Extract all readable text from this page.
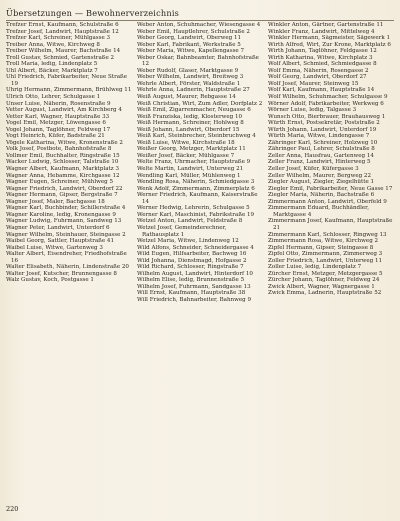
Übersetzungen — Bewohnerverzeichnis

Trefzer Ernst, Kaufmann, Schulstraße 6

Trefzer Josef, Landwirt, Hauptstraße 12

Trefzer Karl, Schreiner, Mühlgasse 3

Treiber Anna, Witwe, Kirchweg 8

Treiber Wilhelm, Maurer, Bachstraße 14

Troll Gustav, Schmied, Gartenstraße 2

Troll Maria, ledig, Lindenplatz 5

Uhl Albert, Bäcker, Marktplatz 7

Uhl Friedrich, Fabrikarbeiter, Neue Straße 19

Uhrig Hermann, Zimmermann, Brühlweg 11

Ulrich Otto, Lehrer, Schulgasse 1

Unser Luise, Näherin, Rosenstraße 9

Vetter August, Landwirt, Am Kirchberg 4

Vetter Karl, Wagner, Hauptstraße 33

Vogel Emil, Metzger, Löwengasse 6

Vogel Johann, Taglöhner, Feldweg 17

Vogt Heinrich, Küfer, Badstraße 21

Vögele Katharina, Witwe, Kronenstraße 2

Volk Josef, Postbote, Bahnhofstraße 8

Vollmer Emil, Buchhalter, Ringstraße 15

Wacker Ludwig, Schlosser, Talstraße 10

Wagner Albert, Kaufmann, Marktplatz 3

Wagner Anna, Hebamme, Kirchgasse 12

Wagner Eugen, Schreiner, Mühlweg 5

Wagner Friedrich, Landwirt, Oberdorf 22

Wagner Hermann, Gipser, Bergstraße 7

Wagner Josef, Maler, Bachgasse 18

Wagner Karl, Buchbinder, Schillerstraße 4

Wagner Karoline, ledig, Kronengasse 9

Wagner Ludwig, Fuhrmann, Sandweg 13

Wagner Peter, Landwirt, Unterdorf 6

Wagner Wilhelm, Steinhauer, Steingasse 2

Waibel Georg, Sattler, Hauptstraße 41

Waibel Luise, Witwe, Gartenweg 3

Walter Albert, Eisendreher, Friedhofstraße 16

Walter Elisabeth, Näherin, Lindenstraße 20

Walter Josef, Kutscher, Brunnengasse 8

Walz Gustav, Koch, Postgasse 1

Weber Anton, Schuhmacher, Wiesengasse 4

Weber Emil, Hauptlehrer, Schulstraße 2

Weber Georg, Landwirt, Oberweg 11

Weber Karl, Fabrikant, Werkstraße 5

Weber Maria, Witwe, Kapellengasse 7

Weber Oskar, Bahnbeamter, Bahnhofstraße 12

Weber Rudolf, Glaser, Marktgasse 9

Weber Wilhelm, Landwirt, Breitweg 3

Wehrle Albert, Förster, Waldstraße 1

Wehrle Anna, Ladnerin, Hauptstraße 27

Weiß August, Maurer, Rebgasse 14

Weiß Christian, Wirt, Zum Adler, Dorfplatz 2

Weiß Emil, Zigarrenmacher, Neugasse 6

Weiß Franziska, ledig, Klosterweg 10

Weiß Hermann, Schreiner, Hohlweg 8

Weiß Johann, Landwirt, Oberdorf 15

Weiß Karl, Steinbrecher, Steinbruchweg 4

Weiß Luise, Witwe, Kirchstraße 18

Weißer Georg, Metzger, Marktplatz 11

Weißer Josef, Bäcker, Mühlgasse 7

Welte Franz, Uhrmacher, Hauptstraße 9

Welte Martin, Landwirt, Unterweg 21

Wendling Karl, Müller, Mühlenweg 1

Wendling Rosa, Näherin, Schmiedgasse 3

Wenk Adolf, Zimmermann, Zimmerplatz 6

Werner Friedrich, Kaufmann, Kaiserstraße 14

Werner Hedwig, Lehrerin, Schulgasse 5

Werner Karl, Maschinist, Fabrikstraße 19

Wetzel Anton, Landwirt, Feldstraße 8

Wetzel Josef, Gemeinderechner, Rathausplatz 1

Wetzel Maria, Witwe, Lindenweg 12

Wild Alfons, Schneider, Schneidergasse 4

Wild Eugen, Hilfsarbeiter, Bachweg 16

Wild Johanna, Dienstmagd, Hofgasse 2

Wild Richard, Schlosser, Ringstraße 7

Wilhelm August, Landwirt, Hinterdorf 10

Wilhelm Elise, ledig, Brunnenstraße 5

Wilhelm Josef, Fuhrmann, Sandgasse 13

Will Ernst, Kaufmann, Hauptstraße 38

Will Friedrich, Bahnarbeiter, Bahnweg 9

Winkler Anton, Gärtner, Gartenstraße 11

Winkler Franz, Landwirt, Mittelweg 4

Winkler Hermann, Sägmeister, Sägewerk 1

Wirth Alfred, Wirt, Zur Krone, Marktplatz 6

Wirth Johann, Taglöhner, Feldgasse 12

Wirth Katharina, Witwe, Kirchplatz 3

Wolf Albert, Schmied, Schmiedgasse 8

Wolf Emma, Näherin, Rosengasse 2

Wolf Georg, Landwirt, Oberdorf 27

Wolf Josef, Maurer, Steinweg 15

Wolf Karl, Kaufmann, Hauptstraße 14

Wolf Wilhelm, Schuhmacher, Schulgasse 9

Wörner Adolf, Fabrikarbeiter, Werkweg 6

Wörner Luise, ledig, Talgasse 3

Wunsch Otto, Bierbrauer, Brauhausweg 1

Würth Ernst, Postsekretär, Poststraße 2

Würth Johann, Landwirt, Unterdorf 19

Würth Maria, Witwe, Lindengasse 7

Zähringer Karl, Schreiner, Holzweg 10

Zähringer Paul, Lehrer, Schulstraße 8

Zeller Anna, Hausfrau, Gartenweg 14

Zeller Franz, Landwirt, Hinterweg 5

Zeller Josef, Küfer, Küfergasse 3

Zeller Wilhelm, Maurer, Bergweg 22

Ziegler August, Ziegler, Ziegelhütte 1

Ziegler Emil, Fabrikarbeiter, Neue Gasse 17

Ziegler Maria, Näherin, Bachstraße 6

Zimmermann Anton, Landwirt, Oberfeld 9

Zimmermann Eduard, Buchhändler, Marktgasse 4

Zimmermann Josef, Kaufmann, Hauptstraße 21

Zimmermann Karl, Schlosser, Ringweg 13

Zimmermann Rosa, Witwe, Kirchweg 2

Zipfel Hermann, Gipser, Steingasse 8

Zipfel Otto, Zimmermann, Zimmerweg 3

Zoller Friedrich, Landwirt, Unterweg 11

Zoller Luise, ledig, Lindenplatz 7

Zürcher Ernst, Metzger, Metzgergasse 5

Zürcher Johann, Taglöhner, Feldweg 24

Zwick Albert, Wagner, Wagnergasse 1

Zwick Emma, Ladnerin, Hauptstraße 52

220
